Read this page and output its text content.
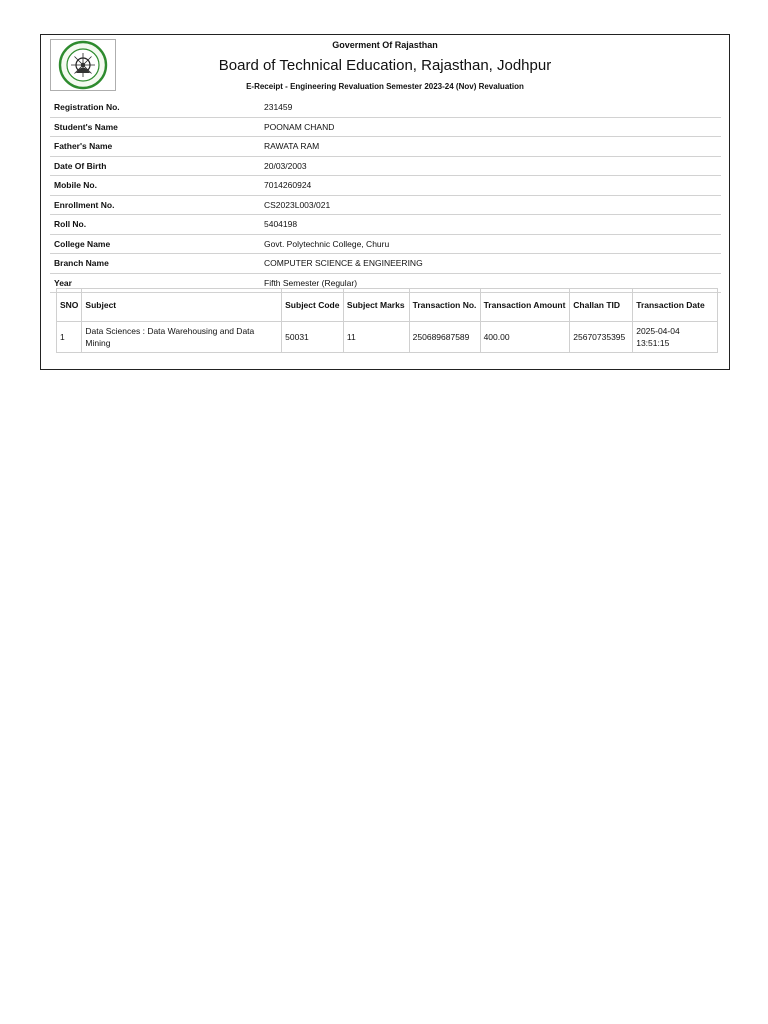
Goverment Of Rajasthan
Board of Technical Education, Rajasthan, Jodhpur
E-Receipt - Engineering Revaluation Semester 2023-24 (Nov) Revaluation
Registration No.	231459
Student's Name	POONAM CHAND
Father's Name	RAWATA RAM
Date Of Birth	20/03/2003
Mobile No.	7014260924
Enrollment No.	CS2023L003/021
Roll No.	5404198
College Name	Govt. Polytechnic College, Churu
Branch Name	COMPUTER SCIENCE & ENGINEERING
Year	Fifth Semester (Regular)
SNO	Subject	Subject Code	Subject Marks	Transaction No.	Transaction Amount	Challan TID	Transaction Date
1	Data Sciences : Data Warehousing and Data Mining	50031	11	250689687589	400.00	25670735395	2025-04-04 13:51:15
